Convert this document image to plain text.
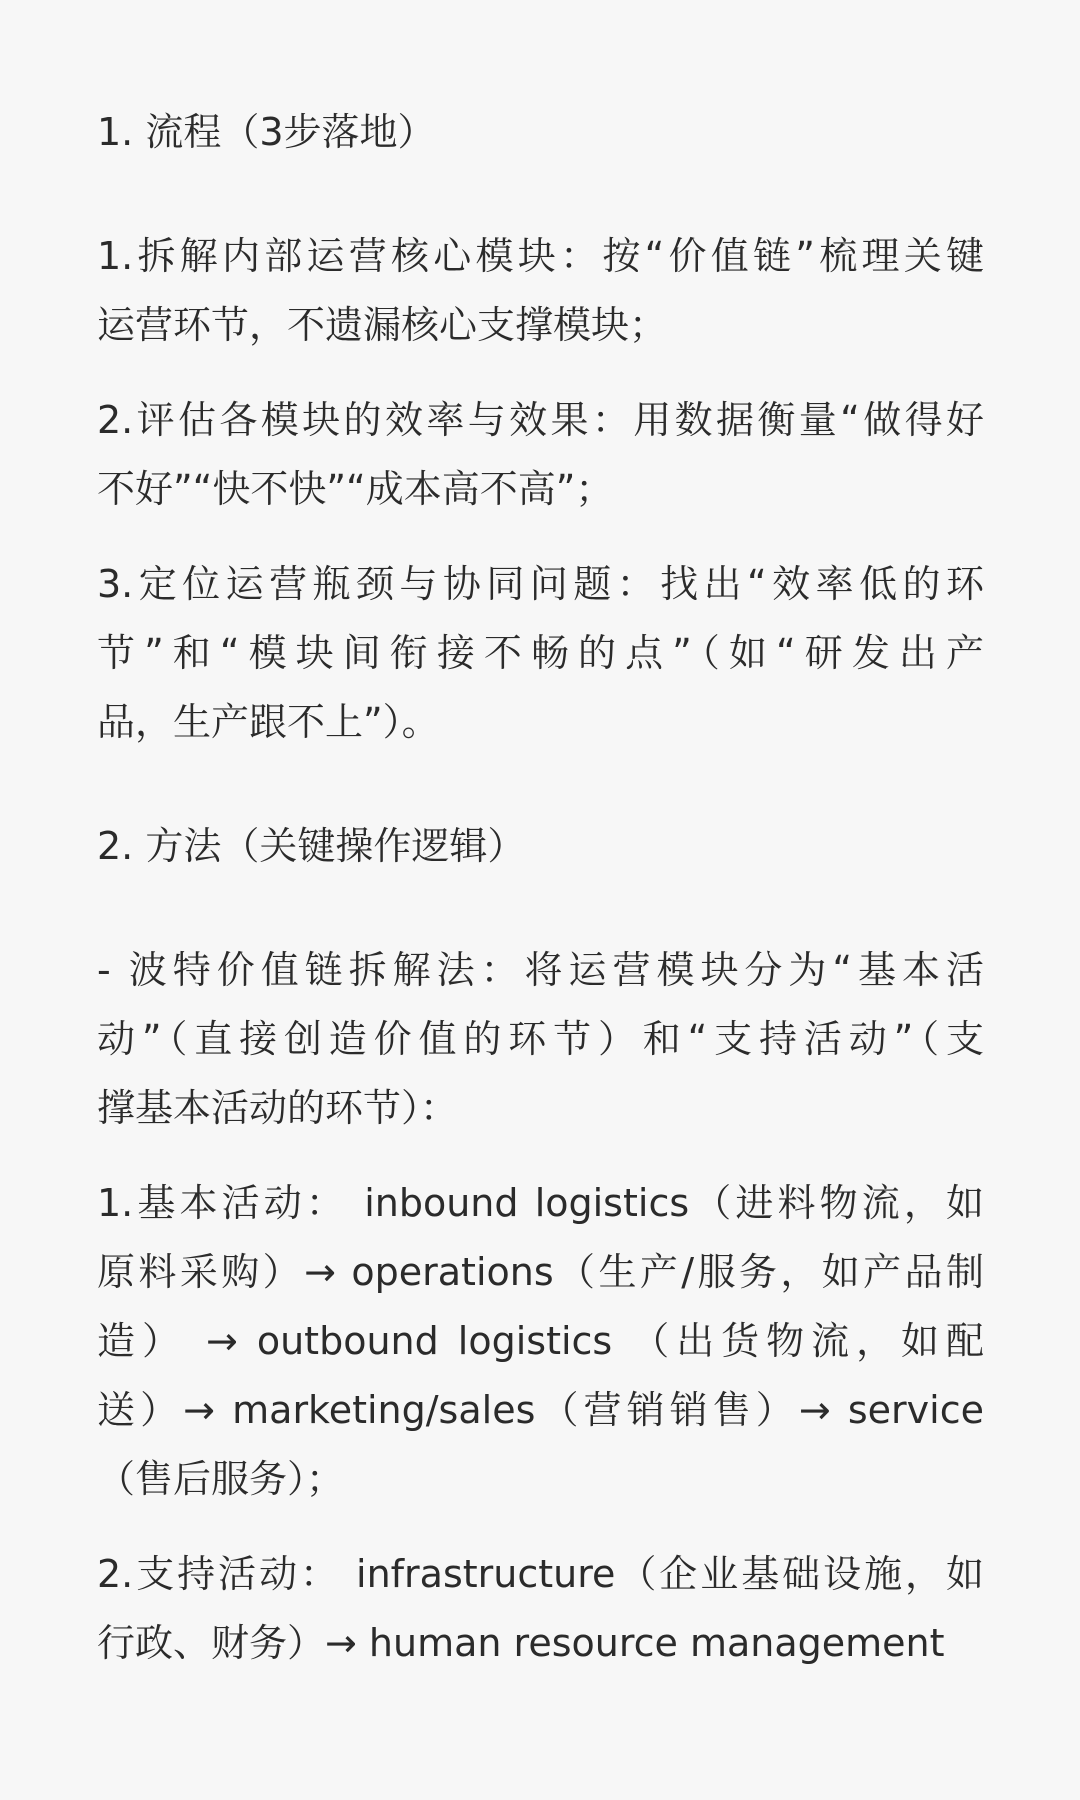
1. 流程（3步落地）
1.拆解内部运营核心模块：按“价值链”梳理关键
运营环节，不遗漏核心支撑模块；
2.评估各模块的效率与效果：用数据衡量“做得好
不好”“快不快”“成本高不高”；
3.定位运营瓶颈与协同问题：找出“效率低的环
节”和“模块间衔接不畅的点”（如“研发出产
品，生产跟不上”）。
2. 方法（关键操作逻辑）
- 波特价值链拆解法：将运营模块分为“基本活
动”（直接创造价值的环节）和“支持活动”（支
撑基本活动的环节）：
1.基本活动： inbound logistics（进料物流，如
原料采购）→ operations（生产/服务，如产品制
造） → outbound logistics （出货物流，如配
送）→ marketing/sales（营销销售）→ service
（售后服务）；
2.支持活动： infrastructure（企业基础设施，如
行政、财务）→ human resource management
